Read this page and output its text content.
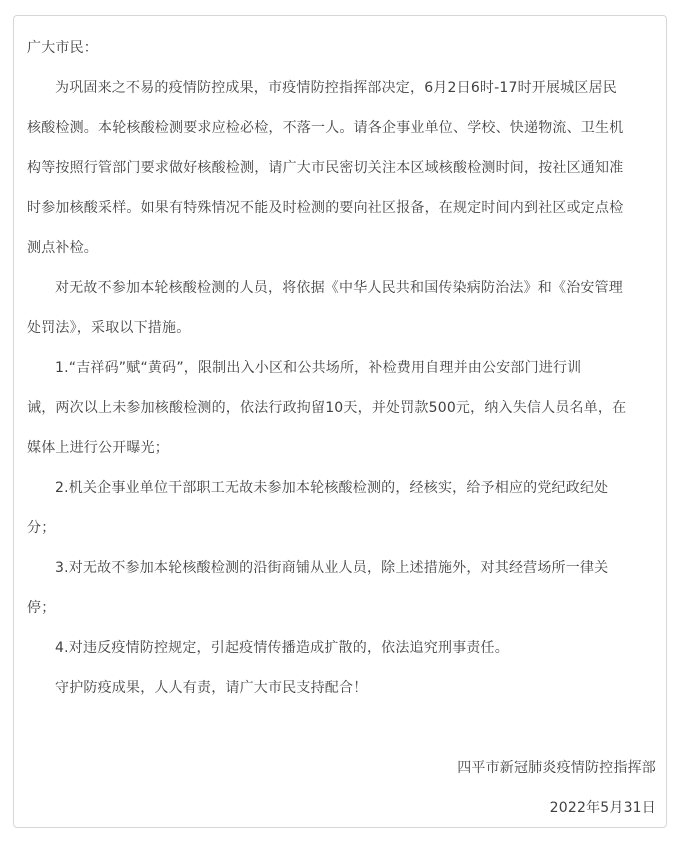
广大市民：
为巩固来之不易的疫情防控成果，市疫情防控指挥部决定，6月2日6时-17时开展城区居民
核酸检测。本轮核酸检测要求应检必检，不落一人。请各企事业单位、学校、快递物流、卫生机
构等按照行管部门要求做好核酸检测，请广大市民密切关注本区域核酸检测时间，按社区通知准
时参加核酸采样。如果有特殊情况不能及时检测的要向社区报备，在规定时间内到社区或定点检
测点补检。
对无故不参加本轮核酸检测的人员，将依据《中华人民共和国传染病防治法》和《治安管理
处罚法》，采取以下措施。
1.“吉祥码”赋“黄码”，限制出入小区和公共场所，补检费用自理并由公安部门进行训
诫，两次以上未参加核酸检测的，依法行政拘留10天，并处罚款500元，纳入失信人员名单，在
媒体上进行公开曝光；
2.机关企事业单位干部职工无故未参加本轮核酸检测的，经核实，给予相应的党纪政纪处
分；
3.对无故不参加本轮核酸检测的沿街商铺从业人员，除上述措施外，对其经营场所一律关
停；
4.对违反疫情防控规定，引起疫情传播造成扩散的，依法追究刑事责任。
守护防疫成果，人人有责，请广大市民支持配合！
四平市新冠肺炎疫情防控指挥部
2022年5月31日
